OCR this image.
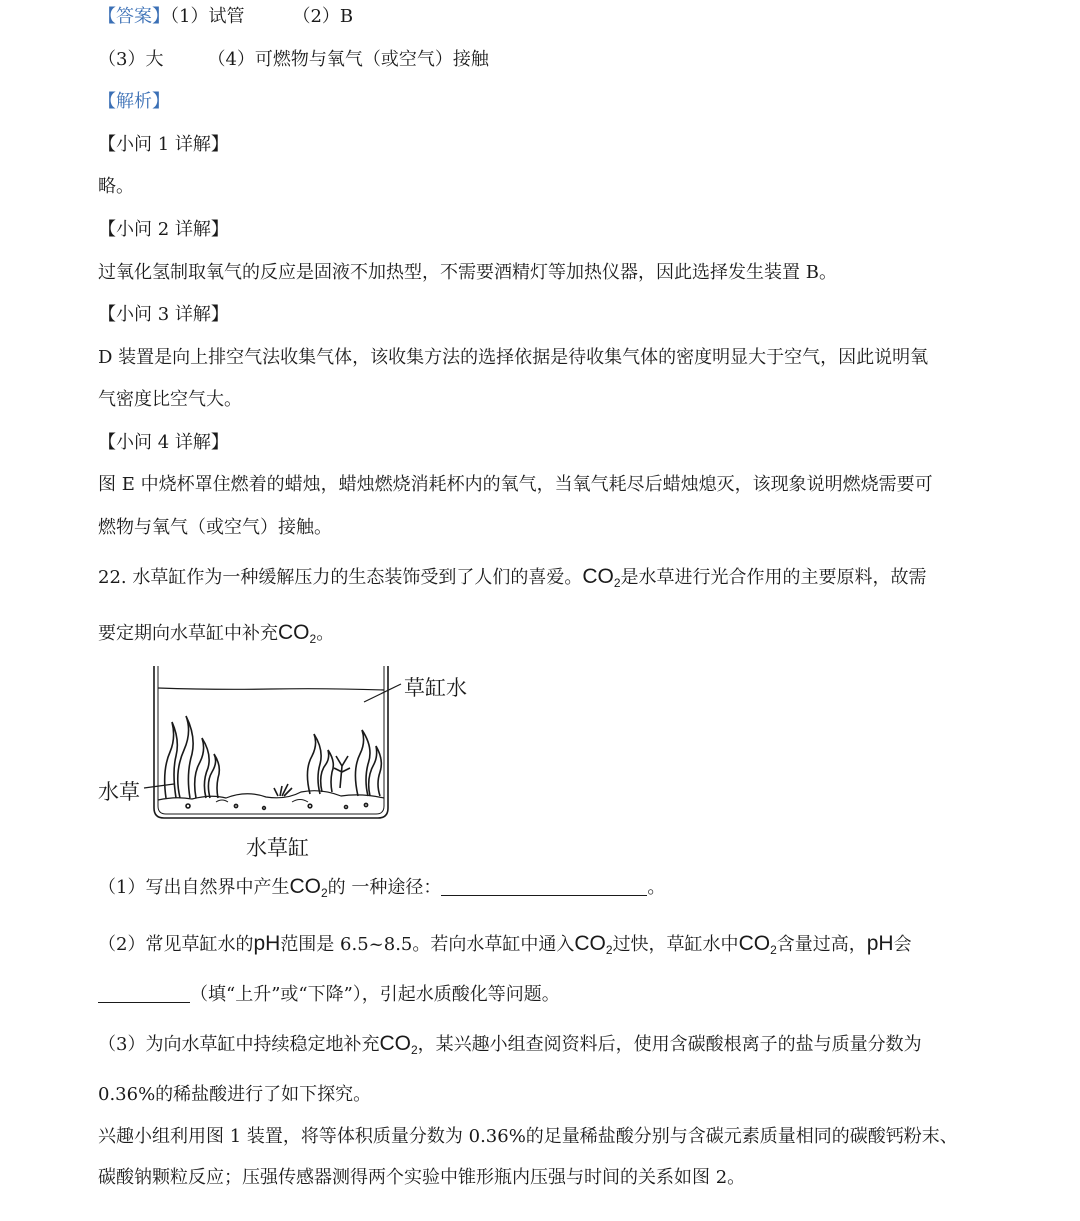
【答案】（1）试管	（2）B
（3）大 （4）可燃物与氧气（或空气）接触
【解析】
【小问 1 详解】
略。
【小问 2 详解】
过氧化氢制取氧气的反应是固液不加热型，不需要酒精灯等加热仪器，因此选择发生装置 B。
【小问 3 详解】
D 装置是向上排空气法收集气体，该收集方法的选择依据是待收集气体的密度明显大于空气，因此说明氧
气密度比空气大。
【小问 4 详解】
图 E 中烧杯罩住燃着的蜡烛，蜡烛燃烧消耗杯内的氧气，当氧气耗尽后蜡烛熄灭，该现象说明燃烧需要可
燃物与氧气（或空气）接触。
22. 水草缸作为一种缓解压力的生态装饰受到了人们的喜爱。$CO_2$是水草进行光合作用的主要原料，故需
要定期向水草缸中补充$CO_2$。
草缸水
水草
水草缸
（1）写出自然界中产生$CO_2$的 一种途径：	。
（2）常见草缸水的pH范围是 6.5~8.5。若向水草缸中通入$CO_2$过快，草缸水中$CO_2$含量过高，pH会
（填“上升”或“下降”），引起水质酸化等问题。
（3）为向水草缸中持续稳定地补充$CO_2$，某兴趣小组查阅资料后，使用含碳酸根离子的盐与质量分数为
0.36%的稀盐酸进行了如下探究。
兴趣小组利用图 1 装置，将等体积质量分数为 0.36%的足量稀盐酸分别与含碳元素质量相同的碳酸钙粉末、
碳酸钠颗粒反应；压强传感器测得两个实验中锥形瓶内压强与时间的关系如图 2。
